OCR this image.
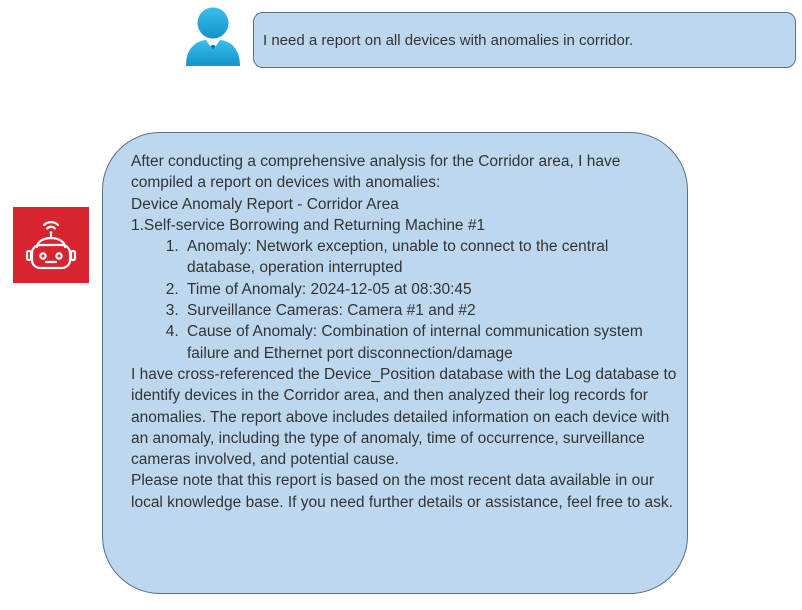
I need a report on all devices with anomalies in corridor.

After conducting a comprehensive analysis for the Corridor area, I have compiled a report on devices with anomalies:

Device Anomaly Report - Corridor Area

1.Self-service Borrowing and Returning Machine #1

1. Anomaly: Network exception, unable to connect to the central database, operation interrupted
2. Time of Anomaly: 2024-12-05 at 08:30:45
3. Surveillance Cameras: Camera #1 and #2
4. Cause of Anomaly: Combination of internal communication system failure and Ethernet port disconnection/damage

I have cross-referenced the Device_Position database with the Log database to identify devices in the Corridor area, and then analyzed their log records for anomalies. The report above includes detailed information on each device with an anomaly, including the type of anomaly, time of occurrence, surveillance cameras involved, and potential cause.

Please note that this report is based on the most recent data available in our local knowledge base. If you need further details or assistance, feel free to ask.
